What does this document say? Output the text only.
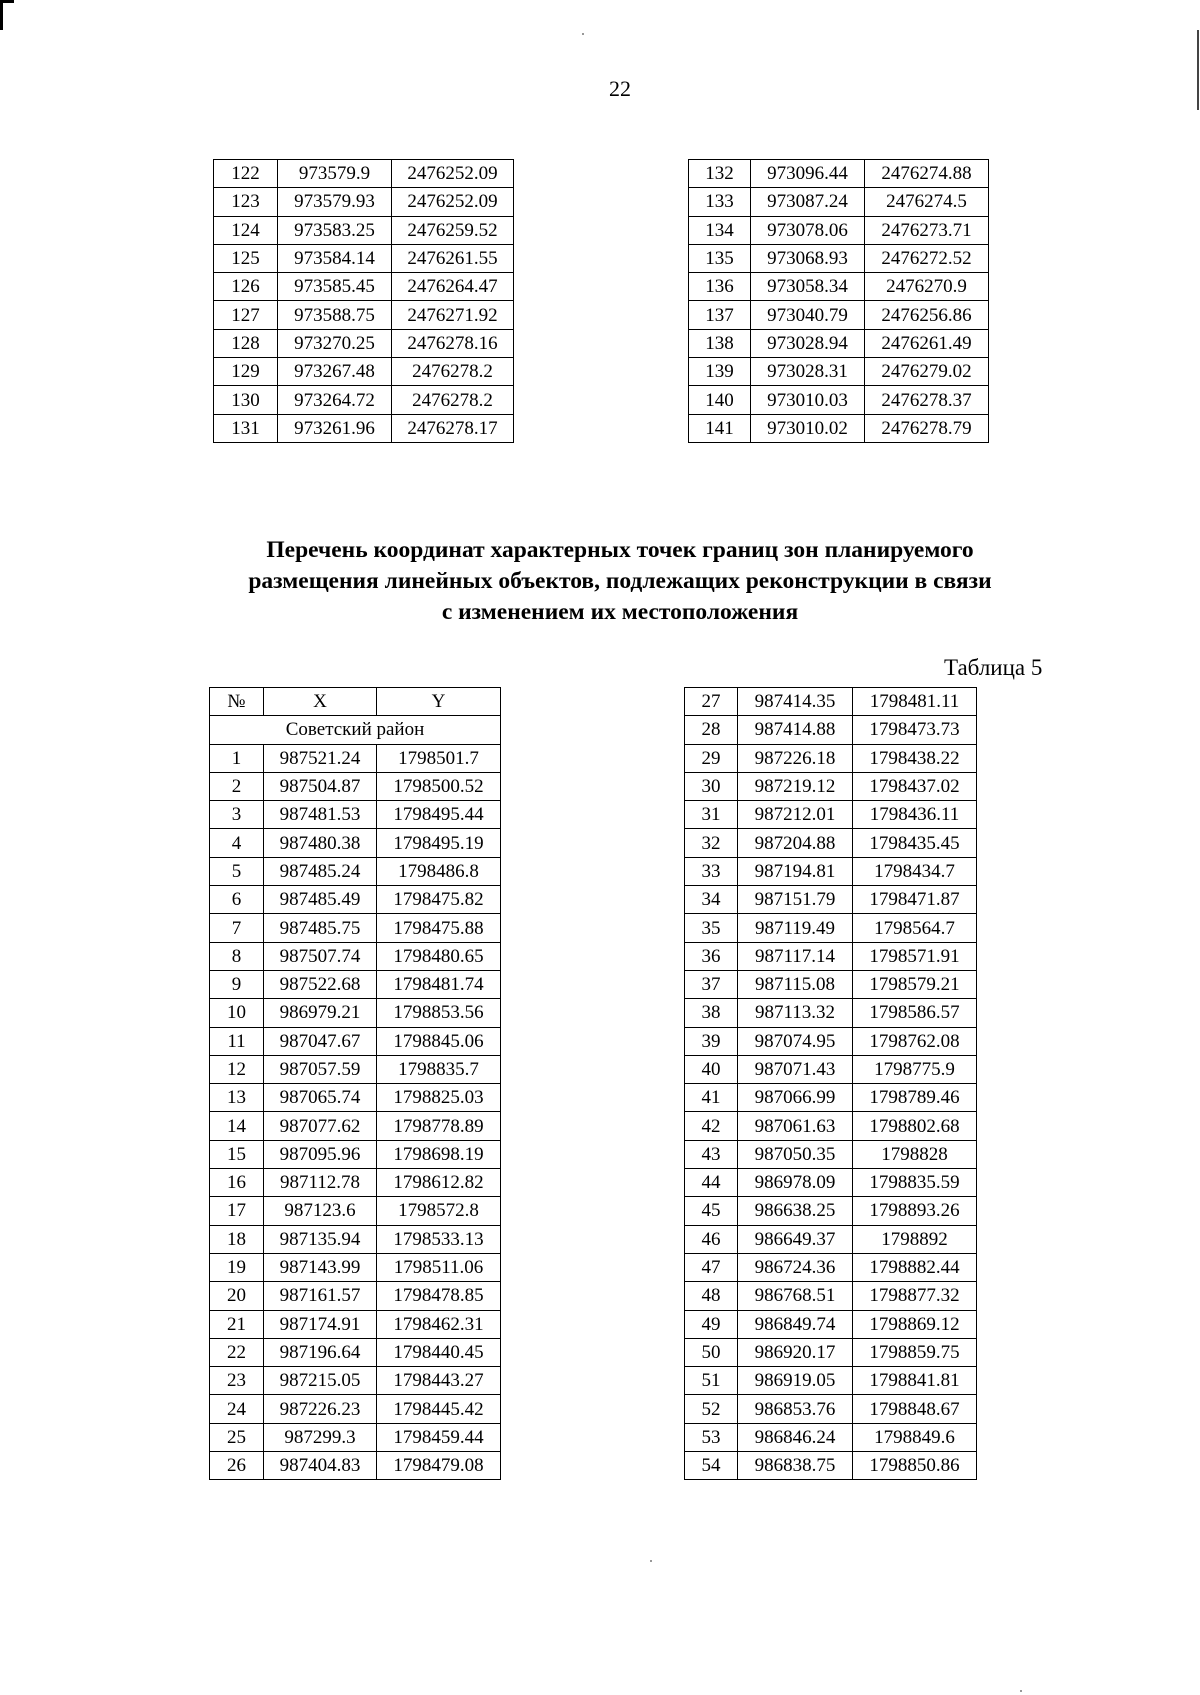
22
122	973579.9	2476252.09
123	973579.93	2476252.09
124	973583.25	2476259.52
125	973584.14	2476261.55
126	973585.45	2476264.47
127	973588.75	2476271.92
128	973270.25	2476278.16
129	973267.48	2476278.2
130	973264.72	2476278.2
131	973261.96	2476278.17
132	973096.44	2476274.88
133	973087.24	2476274.5
134	973078.06	2476273.71
135	973068.93	2476272.52
136	973058.34	2476270.9
137	973040.79	2476256.86
138	973028.94	2476261.49
139	973028.31	2476279.02
140	973010.03	2476278.37
141	973010.02	2476278.79
Перечень координат характерных точек границ зон планируемого
размещения линейных объектов, подлежащих реконструкции в связи
с изменением их местоположения
Таблица 5
№	X	Y
Советский район		
1	987521.24	1798501.7
2	987504.87	1798500.52
3	987481.53	1798495.44
4	987480.38	1798495.19
5	987485.24	1798486.8
6	987485.49	1798475.82
7	987485.75	1798475.88
8	987507.74	1798480.65
9	987522.68	1798481.74
10	986979.21	1798853.56
11	987047.67	1798845.06
12	987057.59	1798835.7
13	987065.74	1798825.03
14	987077.62	1798778.89
15	987095.96	1798698.19
16	987112.78	1798612.82
17	987123.6	1798572.8
18	987135.94	1798533.13
19	987143.99	1798511.06
20	987161.57	1798478.85
21	987174.91	1798462.31
22	987196.64	1798440.45
23	987215.05	1798443.27
24	987226.23	1798445.42
25	987299.3	1798459.44
26	987404.83	1798479.08
27	987414.35	1798481.11
28	987414.88	1798473.73
29	987226.18	1798438.22
30	987219.12	1798437.02
31	987212.01	1798436.11
32	987204.88	1798435.45
33	987194.81	1798434.7
34	987151.79	1798471.87
35	987119.49	1798564.7
36	987117.14	1798571.91
37	987115.08	1798579.21
38	987113.32	1798586.57
39	987074.95	1798762.08
40	987071.43	1798775.9
41	987066.99	1798789.46
42	987061.63	1798802.68
43	987050.35	1798828
44	986978.09	1798835.59
45	986638.25	1798893.26
46	986649.37	1798892
47	986724.36	1798882.44
48	986768.51	1798877.32
49	986849.74	1798869.12
50	986920.17	1798859.75
51	986919.05	1798841.81
52	986853.76	1798848.67
53	986846.24	1798849.6
54	986838.75	1798850.86
